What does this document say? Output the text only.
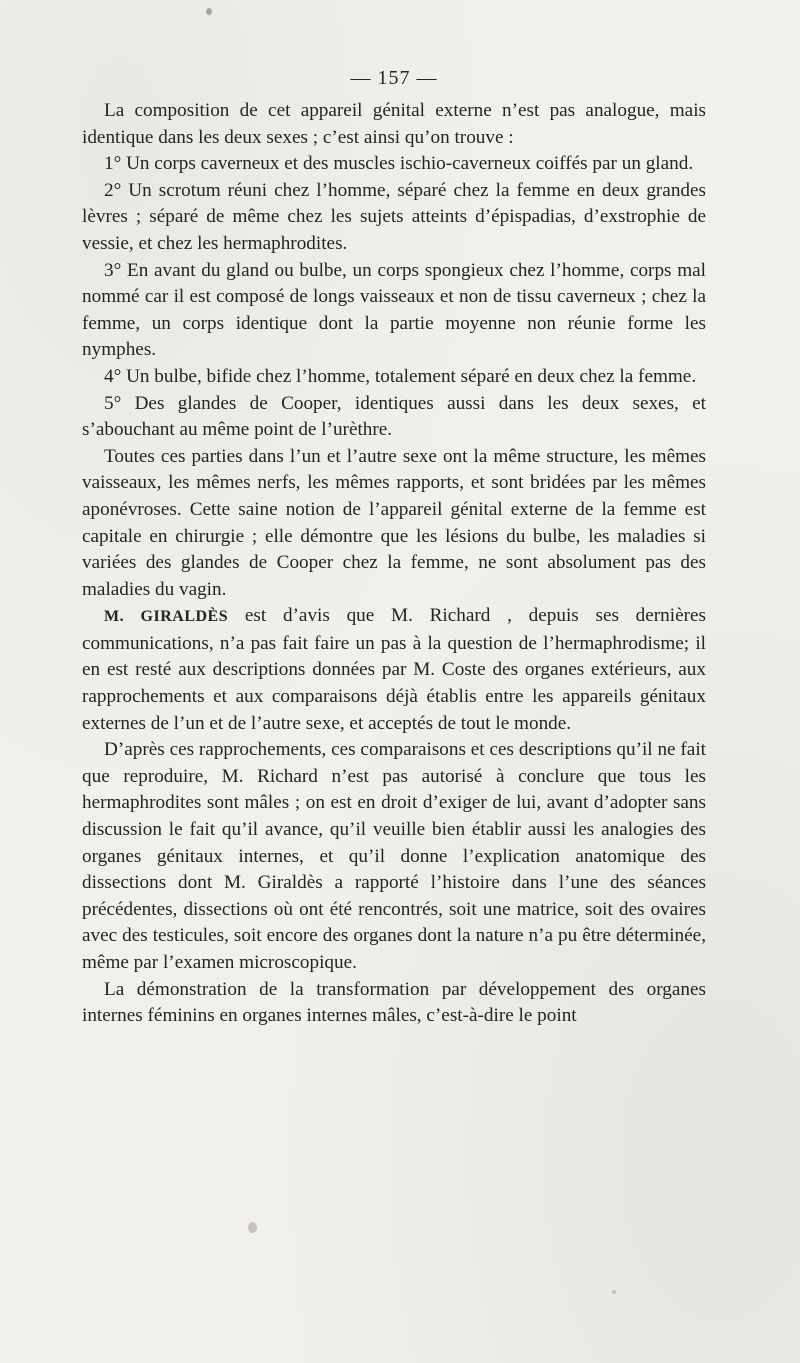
— 157 —

La composition de cet appareil génital externe n’est pas analogue, mais identique dans les deux sexes ; c’est ainsi qu’on trouve :

1° Un corps caverneux et des muscles ischio-caverneux coiffés par un gland.

2° Un scrotum réuni chez l’homme, séparé chez la femme en deux grandes lèvres ; séparé de même chez les sujets atteints d’épispadias, d’exstrophie de vessie, et chez les hermaphrodites.

3° En avant du gland ou bulbe, un corps spongieux chez l’homme, corps mal nommé car il est composé de longs vaisseaux et non de tissu caverneux ; chez la femme, un corps identique dont la partie moyenne non réunie forme les nymphes.

4° Un bulbe, bifide chez l’homme, totalement séparé en deux chez la femme.

5° Des glandes de Cooper, identiques aussi dans les deux sexes, et s’abouchant au même point de l’urèthre.

Toutes ces parties dans l’un et l’autre sexe ont la même structure, les mêmes vaisseaux, les mêmes nerfs, les mêmes rapports, et sont bridées par les mêmes aponévroses. Cette saine notion de l’appareil génital externe de la femme est capitale en chirurgie ; elle démontre que les lésions du bulbe, les maladies si variées des glandes de Cooper chez la femme, ne sont absolument pas des maladies du vagin.

M. GIRALDÈS est d’avis que M. Richard , depuis ses dernières communications, n’a pas fait faire un pas à la question de l’hermaphrodisme; il en est resté aux descriptions données par M. Coste des organes extérieurs, aux rapprochements et aux comparaisons déjà établis entre les appareils génitaux externes de l’un et de l’autre sexe, et acceptés de tout le monde.

D’après ces rapprochements, ces comparaisons et ces descriptions qu’il ne fait que reproduire, M. Richard n’est pas autorisé à conclure que tous les hermaphrodites sont mâles ; on est en droit d’exiger de lui, avant d’adopter sans discussion le fait qu’il avance, qu’il veuille bien établir aussi les analogies des organes génitaux internes, et qu’il donne l’explication anatomique des dissections dont M. Giraldès a rapporté l’histoire dans l’une des séances précédentes, dissections où ont été rencontrés, soit une matrice, soit des ovaires avec des testicules, soit encore des organes dont la nature n’a pu être déterminée, même par l’examen microscopique.

La démonstration de la transformation par développement des organes internes féminins en organes internes mâles, c’est-à-dire le point
